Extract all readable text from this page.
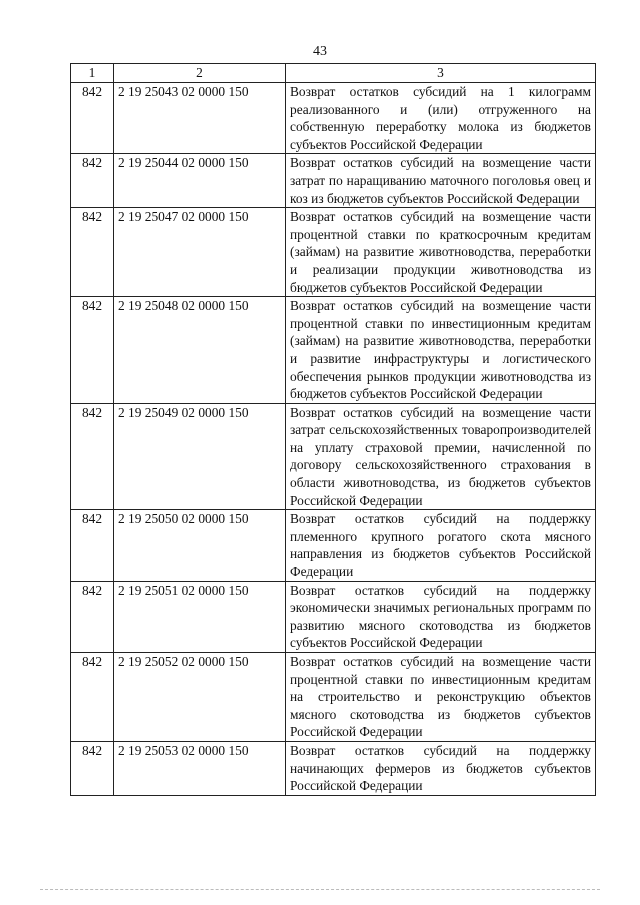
43
1	2	3
842	2 19 25043 02 0000 150	Возврат остатков субсидий на 1 килограмм реализованного и (или) отгруженного на собственную переработку молока из бюджетов субъектов Российской Федерации
842	2 19 25044 02 0000 150	Возврат остатков субсидий на возмещение части затрат по наращиванию маточного поголовья овец и коз из бюджетов субъектов Российской Федерации
842	2 19 25047 02 0000 150	Возврат остатков субсидий на возмещение части процентной ставки по краткосрочным кредитам (займам) на развитие животноводства, переработки и реализации продукции животноводства из бюджетов субъектов Российской Федерации
842	2 19 25048 02 0000 150	Возврат остатков субсидий на возмещение части процентной ставки по инвестиционным кредитам (займам) на развитие животноводства, переработки и развитие инфраструктуры и логистического обеспечения рынков продукции животноводства из бюджетов субъектов Российской Федерации
842	2 19 25049 02 0000 150	Возврат остатков субсидий на возмещение части затрат сельскохозяйственных товаропроизводителей на уплату страховой премии, начисленной по договору сельскохозяйственного страхования в области животноводства, из бюджетов субъектов Российской Федерации
842	2 19 25050 02 0000 150	Возврат остатков субсидий на поддержку племенного крупного рогатого скота мясного направления из бюджетов субъектов Российской Федерации
842	2 19 25051 02 0000 150	Возврат остатков субсидий на поддержку экономически значимых региональных программ по развитию мясного скотоводства из бюджетов субъектов Российской Федерации
842	2 19 25052 02 0000 150	Возврат остатков субсидий на возмещение части процентной ставки по инвестиционным кредитам на строительство и реконструкцию объектов мясного скотоводства из бюджетов субъектов Российской Федерации
842	2 19 25053 02 0000 150	Возврат остатков субсидий на поддержку начинающих фермеров из бюджетов субъектов Российской Федерации
